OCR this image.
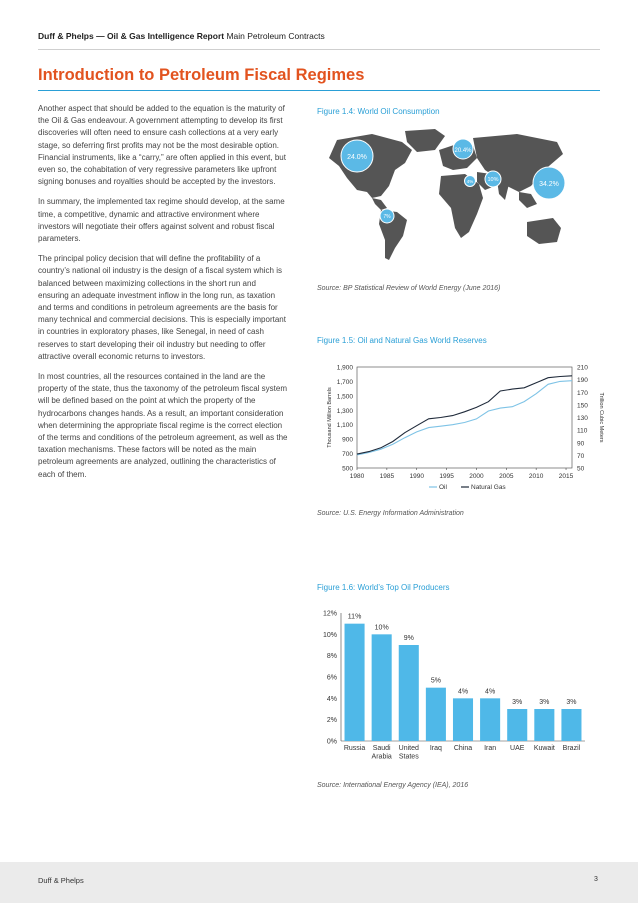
Duff & Phelps — Oil & Gas Intelligence Report Main Petroleum Contracts
Introduction to Petroleum Fiscal Regimes

Another aspect that should be added to the equation is the maturity of the Oil & Gas endeavour. A government attempting to develop its first discoveries will often need to ensure cash collections at a very early stage, so deferring first profits may not be the most desirable option. Financial instruments, like a “carry,” are often applied in this event, but even so, the cohabitation of very regressive parameters like upfront signing bonuses and royalties should be accepted by the investors.

In summary, the implemented tax regime should develop, at the same time, a competitive, dynamic and attractive environment where investors will negotiate their offers against solvent and robust fiscal parameters.

The principal policy decision that will define the profitability of a country’s national oil industry is the design of a fiscal system which is balanced between maximizing collections in the short run and ensuring an adequate investment inflow in the long run, as taxation and terms and conditions in petroleum agreements are the basis for many technical and commercial decisions. This is especially important in countries in exploratory phases, like Senegal, in need of cash reserves to start developing their oil industry but needing to offer attractive overall economic returns to investors.

In most countries, all the resources contained in the land are the property of the state, thus the taxonomy of the petroleum fiscal system will be defined based on the point at which the property of the hydrocarbons changes hands. As a result, an important consideration when determining the appropriate fiscal regime is the correct election of the terms and conditions of the petroleum agreement, as well as the taxation mechanisms. These factors will be noted as the main petroleum agreements are analyzed, outlining the characteristics of each of them.

Figure 1.4: World Oil Consumption
24.0%
7%
20.4%
4%	10%
34.2%
Source: BP Statistical Review of World Energy (June 2016)
Figure 1.5: Oil and Natural Gas World Reserves
1,900
1,700
1,500
1,300
1,100
900
700
500
210
190
170
150
130
110
90
70
50
1980 1985 1990 1995 2000 2005 2010 2015
Thousand Million Barrels	Trillion Cubic Meters
Oil	Natural Gas
Source: U.S. Energy Information Administration
Figure 1.6: World’s Top Oil Producers
0%
2%
4%
6%
8%
10%
12% 11%
Russia
10%
Saudi Arabia
9%
United States
5%
Iraq
4%
China
4%
Iran
3%
UAE
3%
Kuwait
3%
Brazil
Source: International Energy Agency (IEA), 2016
Duff & Phelps	3
